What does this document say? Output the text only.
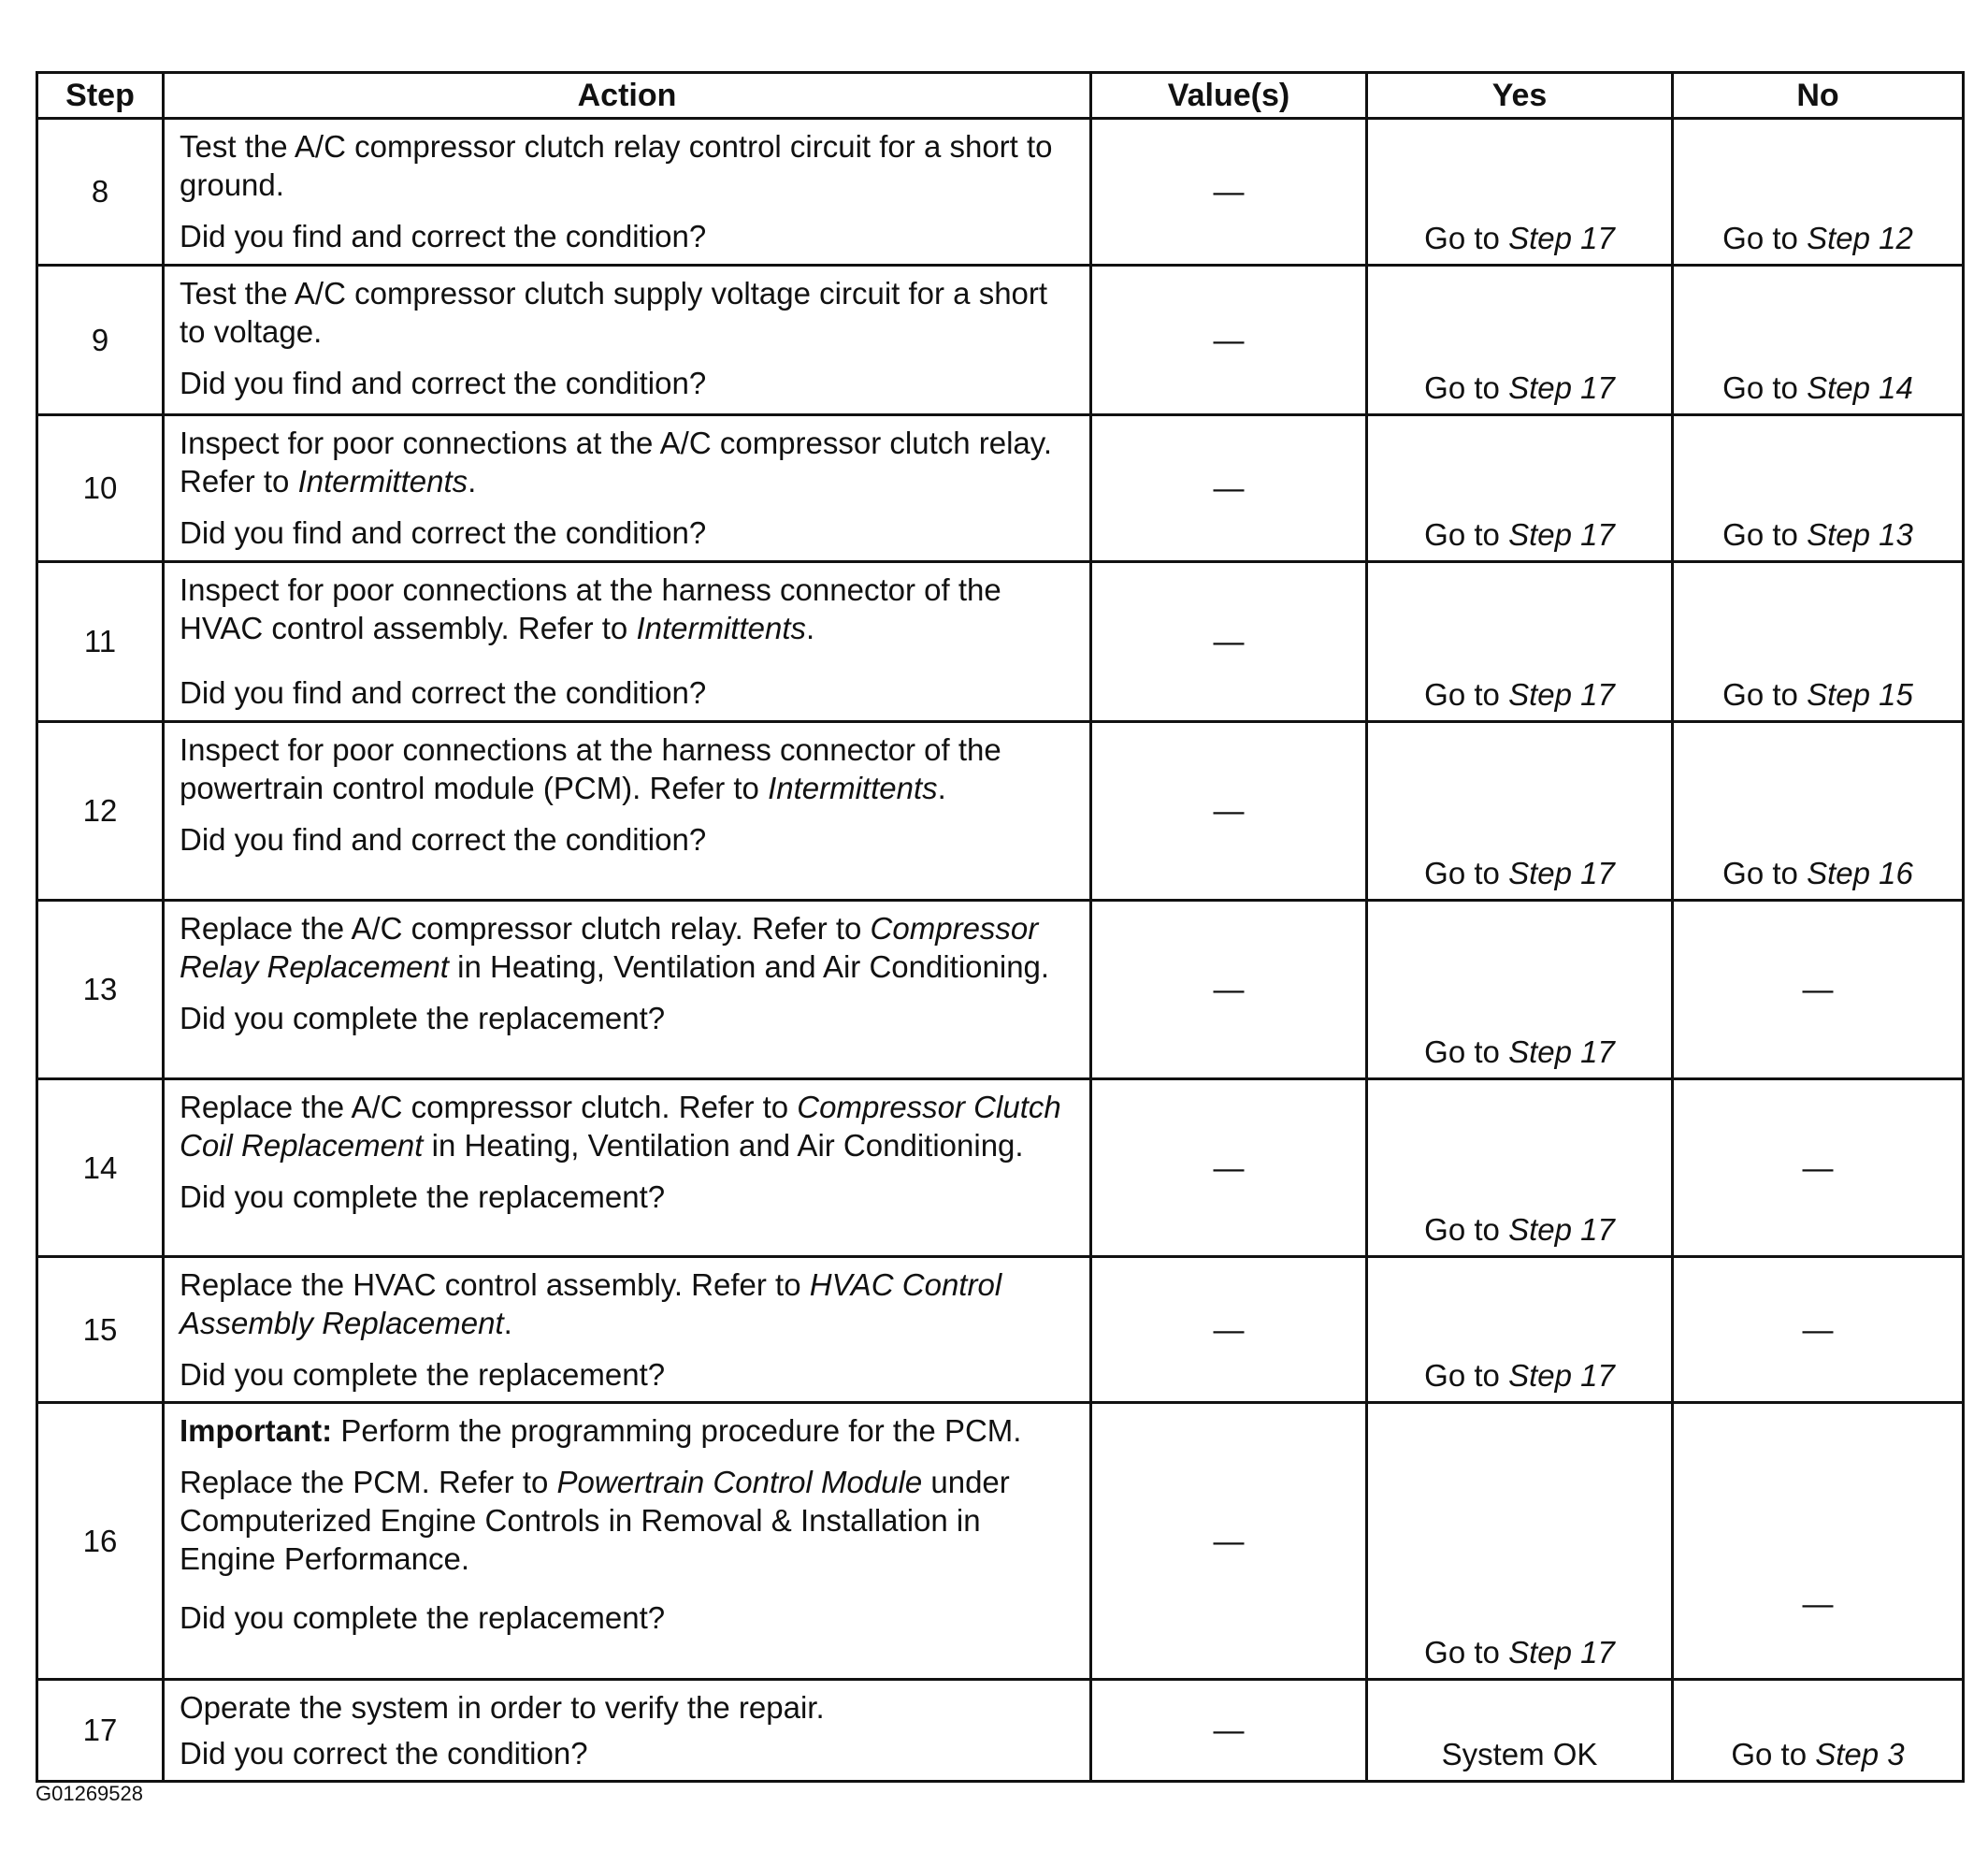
Step	Action	Value(s)	Yes	No
8	Test the A/C compressor clutch relay control circuit for a short to ground.
Did you find and correct the condition?	—	Go to Step 17	Go to Step 12
9	Test the A/C compressor clutch supply voltage circuit for a short to voltage.
Did you find and correct the condition?	—	Go to Step 17	Go to Step 14
10	Inspect for poor connections at the A/C compressor clutch relay. Refer to Intermittents.
Did you find and correct the condition?	—	Go to Step 17	Go to Step 13
11	Inspect for poor connections at the harness connector of the HVAC control assembly. Refer to Intermittents.
Did you find and correct the condition?	—	Go to Step 17	Go to Step 15
12	Inspect for poor connections at the harness connector of the powertrain control module (PCM). Refer to Intermittents.
Did you find and correct the condition?	—	Go to Step 17	Go to Step 16
13	Replace the A/C compressor clutch relay. Refer to Compressor Relay Replacement in Heating, Ventilation and Air Conditioning.
Did you complete the replacement?	—	Go to Step 17	—
14	Replace the A/C compressor clutch. Refer to Compressor Clutch Coil Replacement in Heating, Ventilation and Air Conditioning.
Did you complete the replacement?	—	Go to Step 17	—
15	Replace the HVAC control assembly. Refer to HVAC Control Assembly Replacement.
Did you complete the replacement?	—	Go to Step 17	—
16	Important: Perform the programming procedure for the PCM.
Replace the PCM. Refer to Powertrain Control Module under Computerized Engine Controls in Removal & Installation in Engine Performance.
Did you complete the replacement?	—	Go to Step 17	—
17	Operate the system in order to verify the repair.
Did you correct the condition?	—	System OK	Go to Step 3
G01269528
